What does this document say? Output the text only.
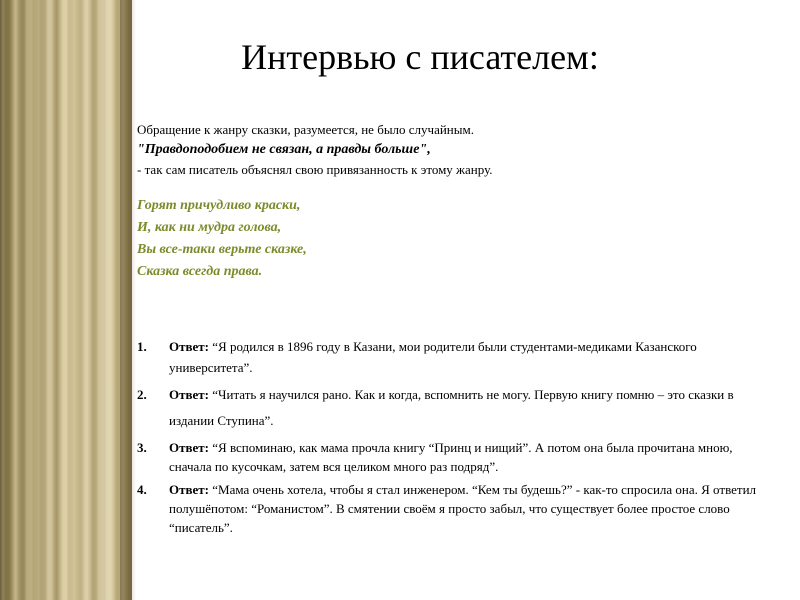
Интервью с писателем:
Обращение к жанру сказки, разумеется, не было случайным.
"Правдоподобием не связан, а правды больше",
- так сам писатель объяснял свою привязанность к этому жанру.
Горят причудливо краски,
И, как ни мудра голова,
Вы все-таки верьте сказке,
Сказка всегда права.
1. Ответ: “Я родился в 1896 году в Казани, мои родители были студентами-медиками Казанского университета”.
2. Ответ: “Читать я научился рано. Как и когда, вспомнить не могу. Первую книгу помню – это сказки в издании Ступина”.
3. Ответ: “Я вспоминаю, как мама прочла книгу “Принц и нищий”. А потом она была прочитана мною, сначала по кусочкам, затем вся целиком много раз подряд”.
4. Ответ: “Мама очень хотела, чтобы я стал инженером. “Кем ты будешь?” - как-то спросила она. Я ответил полушёпотом: “Романистом”. В смятении своём я просто забыл, что существует более простое слово “писатель”.
